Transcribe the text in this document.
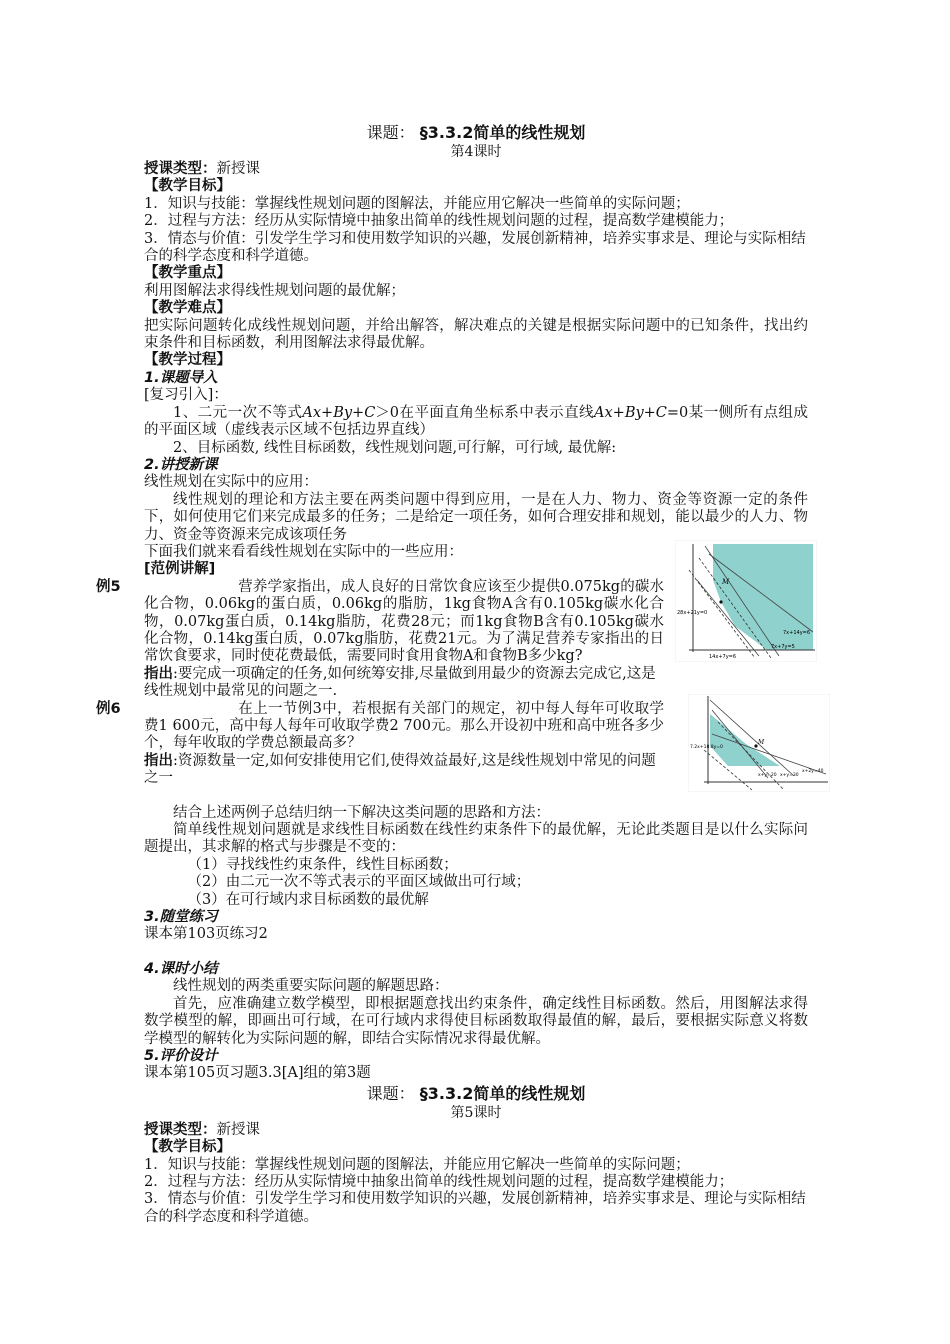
课题： §3.3.2简单的线性规划
第4课时

授课类型：新授课

【教学目标】

1．知识与技能：掌握线性规划问题的图解法，并能应用它解决一些简单的实际问题；

2．过程与方法：经历从实际情境中抽象出简单的线性规划问题的过程，提高数学建模能力；

3．情态与价值：引发学生学习和使用数学知识的兴趣，发展创新精神，培养实事求是、理论与实际相结合的科学态度和科学道德。

【教学重点】

利用图解法求得线性规划问题的最优解；

【教学难点】

把实际问题转化成线性规划问题，并给出解答，解决难点的关键是根据实际问题中的已知条件，找出约束条件和目标函数，利用图解法求得最优解。

【教学过程】

1.课题导入

[复习引入]：

1、二元一次不等式Ax+By+C＞0在平面直角坐标系中表示直线Ax+By+C=0某一侧所有点组成的平面区域（虚线表示区域不包括边界直线）

2、目标函数, 线性目标函数，线性规划问题,可行解，可行域, 最优解:

2.讲授新课

线性规划在实际中的应用：

线性规划的理论和方法主要在两类问题中得到应用，一是在人力、物力、资金等资源一定的条件下，如何使用它们来完成最多的任务；二是给定一项任务，如何合理安排和规划，能以最少的人力、物力、资金等资源来完成该项任务

下面我们就来看看线性规划在实际中的一些应用：

[范例讲解]

例5	营养学家指出，成人良好的日常饮食应该至少提供0.075kg的碳水化合物，0.06kg的蛋白质，0.06kg的脂肪，1kg食物A含有0.105kg碳水化合物，0.07kg蛋白质，0.14kg脂肪，花费28元；而1kg食物B含有0.105kg碳水化合物，0.14kg蛋白质，0.07kg脂肪，花费21元。为了满足营养专家指出的日常饮食要求，同时使花费最低，需要同时食用食物A和食物B多少kg?

指出:要完成一项确定的任务,如何统筹安排,尽量做到用最少的资源去完成它,这是线性规划中最常见的问题之一.

例6	在上一节例3中，若根据有关部门的规定，初中每人每年可收取学费1 600元，高中每人每年可收取学费2 700元。那么开设初中班和高中班各多少个，每年收取的学费总额最高多？

指出:资源数量一定,如何安排使用它们,使得效益最好,这是线性规划中常见的问题之一

结合上述两例子总结归纳一下解决这类问题的思路和方法：

简单线性规划问题就是求线性目标函数在线性约束条件下的最优解，无论此类题目是以什么实际问题提出，其求解的格式与步骤是不变的：

（1）寻找线性约束条件，线性目标函数；

（2）由二元一次不等式表示的平面区域做出可行域；

（3）在可行域内求目标函数的最优解

3.随堂练习

课本第103页练习2

4.课时小结

线性规划的两类重要实际问题的解题思路：

首先，应准确建立数学模型，即根据题意找出约束条件，确定线性目标函数。然后，用图解法求得数学模型的解，即画出可行域，在可行域内求得使目标函数取得最值的解，最后，要根据实际意义将数学模型的解转化为实际问题的解，即结合实际情况求得最优解。

5.评价设计

课本第105页习题3.3[A]组的第3题

课题： §3.3.2简单的线性规划
第5课时

授课类型：新授课

【教学目标】

1．知识与技能：掌握线性规划问题的图解法，并能应用它解决一些简单的实际问题；

2．过程与方法：经历从实际情境中抽象出简单的线性规划问题的过程，提高数学建模能力；

3．情态与价值：引发学生学习和使用数学知识的兴趣，发展创新精神，培养实事求是、理论与实际相结合的科学态度和科学道德。

M
28x+21y=0
14x+7y=6
7x+14y=6
7x+7y=5
M
7.2x+18.8y=0
x+y=20 x+y=30
x+2y=40
